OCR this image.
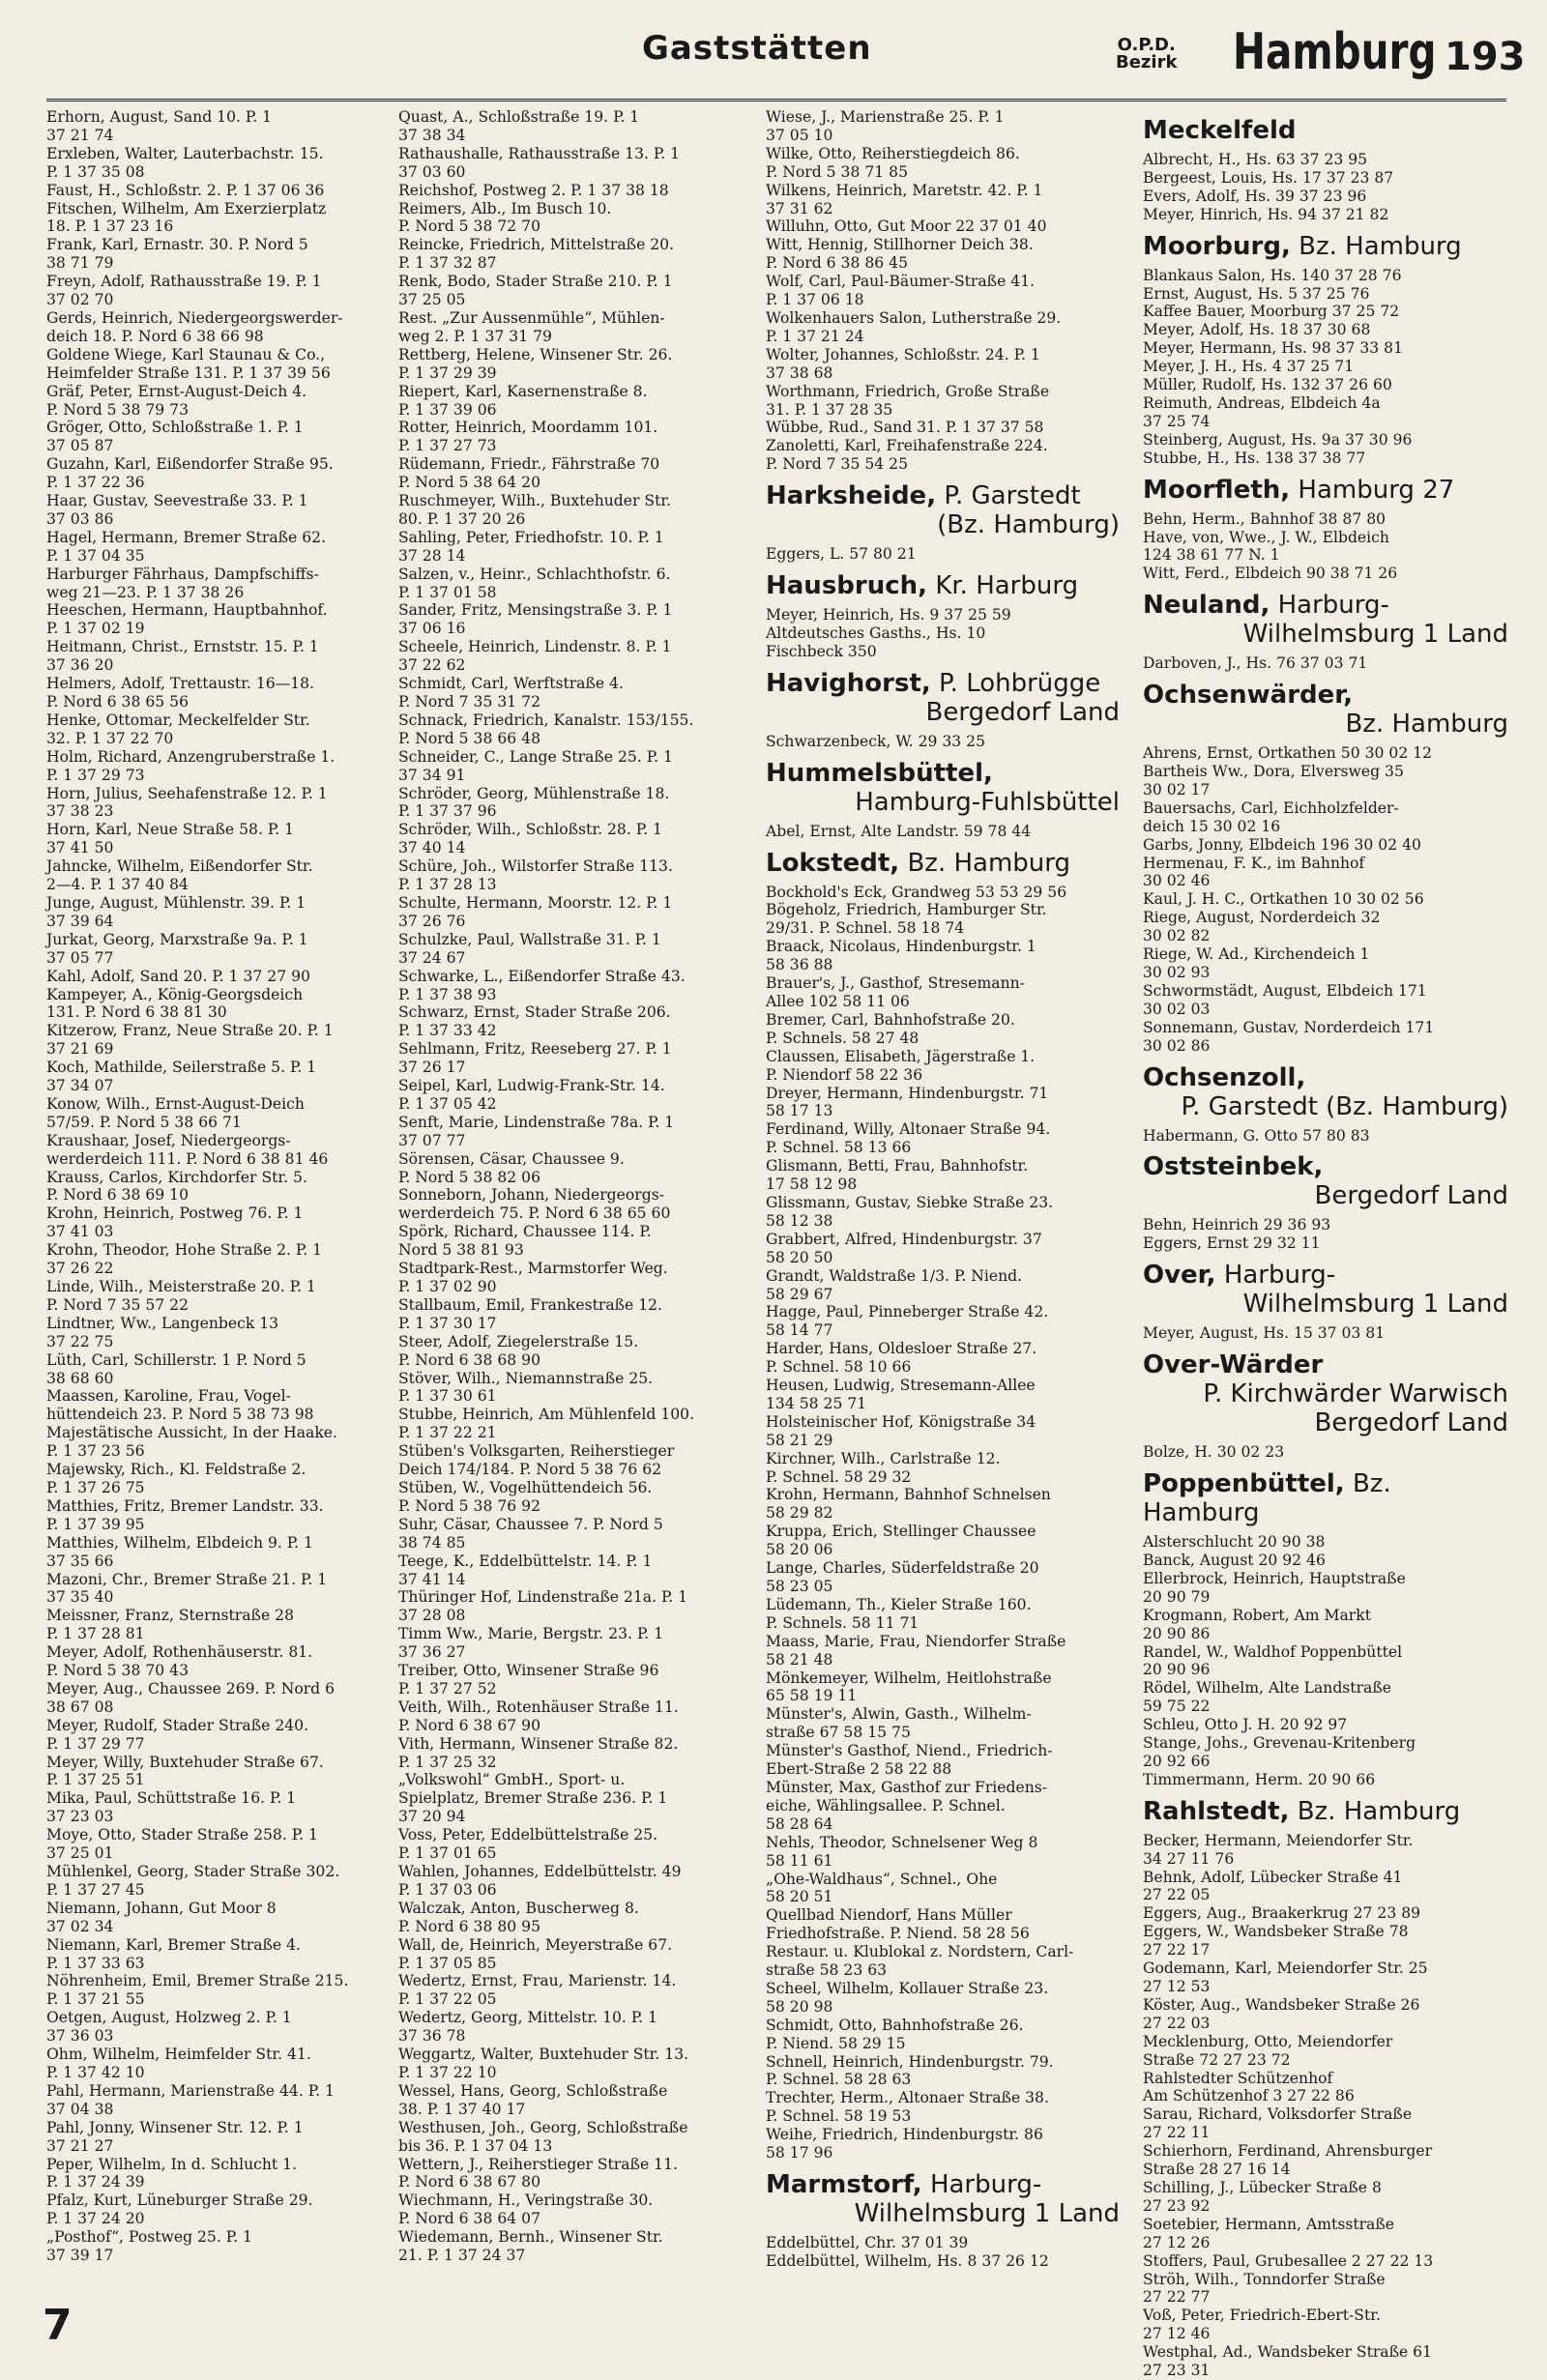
Gaststätten	O.P.D.
Bezirk Hamburg 193
Erhorn, August, Sand 10. P. 1
37 21 74
Erxleben, Walter, Lauterbachstr. 15.
P. 1 37 35 08
Faust, H., Schloßstr. 2. P. 1 37 06 36
Fitschen, Wilhelm, Am Exerzierplatz
18. P. 1 37 23 16
Frank, Karl, Ernastr. 30. P. Nord 5
38 71 79
Freyn, Adolf, Rathausstraße 19. P. 1
37 02 70
Gerds, Heinrich, Niedergeorgswerder-
deich 18. P. Nord 6 38 66 98
Goldene Wiege, Karl Staunau & Co.,
Heimfelder Straße 131. P. 1 37 39 56
Gräf, Peter, Ernst-August-Deich 4.
P. Nord 5 38 79 73
Gröger, Otto, Schloßstraße 1. P. 1
37 05 87
Guzahn, Karl, Eißendorfer Straße 95.
P. 1 37 22 36
Haar, Gustav, Seevestraße 33. P. 1
37 03 86
Hagel, Hermann, Bremer Straße 62.
P. 1 37 04 35
Harburger Fährhaus, Dampfschiffs-
weg 21—23. P. 1 37 38 26
Heeschen, Hermann, Hauptbahnhof.
P. 1 37 02 19
Heitmann, Christ., Ernststr. 15. P. 1
37 36 20
Helmers, Adolf, Trettaustr. 16—18.
P. Nord 6 38 65 56
Henke, Ottomar, Meckelfelder Str.
32. P. 1 37 22 70
Holm, Richard, Anzengruberstraße 1.
P. 1 37 29 73
Horn, Julius, Seehafenstraße 12. P. 1
37 38 23
Horn, Karl, Neue Straße 58. P. 1
37 41 50
Jahncke, Wilhelm, Eißendorfer Str.
2—4. P. 1 37 40 84
Junge, August, Mühlenstr. 39. P. 1
37 39 64
Jurkat, Georg, Marxstraße 9a. P. 1
37 05 77
Kahl, Adolf, Sand 20. P. 1 37 27 90
Kampeyer, A., König-Georgsdeich
131. P. Nord 6 38 81 30
Kitzerow, Franz, Neue Straße 20. P. 1
37 21 69
Koch, Mathilde, Seilerstraße 5. P. 1
37 34 07
Konow, Wilh., Ernst-August-Deich
57/59. P. Nord 5 38 66 71
Kraushaar, Josef, Niedergeorgs-
werderdeich 111. P. Nord 6 38 81 46
Krauss, Carlos, Kirchdorfer Str. 5.
P. Nord 6 38 69 10
Krohn, Heinrich, Postweg 76. P. 1
37 41 03
Krohn, Theodor, Hohe Straße 2. P. 1
37 26 22
Linde, Wilh., Meisterstraße 20. P. 1
P. Nord 7 35 57 22
Lindtner, Ww., Langenbeck 13
37 22 75
Lüth, Carl, Schillerstr. 1 P. Nord 5
38 68 60
Maassen, Karoline, Frau, Vogel-
hüttendeich 23. P. Nord 5 38 73 98
Majestätische Aussicht, In der Haake.
P. 1 37 23 56
Majewsky, Rich., Kl. Feldstraße 2.
P. 1 37 26 75
Matthies, Fritz, Bremer Landstr. 33.
P. 1 37 39 95
Matthies, Wilhelm, Elbdeich 9. P. 1
37 35 66
Mazoni, Chr., Bremer Straße 21. P. 1
37 35 40
Meissner, Franz, Sternstraße 28
P. 1 37 28 81
Meyer, Adolf, Rothenhäuserstr. 81.
P. Nord 5 38 70 43
Meyer, Aug., Chaussee 269. P. Nord 6
38 67 08
Meyer, Rudolf, Stader Straße 240.
P. 1 37 29 77
Meyer, Willy, Buxtehuder Straße 67.
P. 1 37 25 51
Mika, Paul, Schüttstraße 16. P. 1
37 23 03
Moye, Otto, Stader Straße 258. P. 1
37 25 01
Mühlenkel, Georg, Stader Straße 302.
P. 1 37 27 45
Niemann, Johann, Gut Moor 8
37 02 34
Niemann, Karl, Bremer Straße 4.
P. 1 37 33 63
Nöhrenheim, Emil, Bremer Straße 215.
P. 1 37 21 55
Oetgen, August, Holzweg 2. P. 1
37 36 03
Ohm, Wilhelm, Heimfelder Str. 41.
P. 1 37 42 10
Pahl, Hermann, Marienstraße 44. P. 1
37 04 38
Pahl, Jonny, Winsener Str. 12. P. 1
37 21 27
Peper, Wilhelm, In d. Schlucht 1.
P. 1 37 24 39
Pfalz, Kurt, Lüneburger Straße 29.
P. 1 37 24 20
„Posthof“, Postweg 25. P. 1
37 39 17
Quast, A., Schloßstraße 19. P. 1
37 38 34
Rathaushalle, Rathausstraße 13. P. 1
37 03 60
Reichshof, Postweg 2. P. 1 37 38 18
Reimers, Alb., Im Busch 10.
P. Nord 5 38 72 70
Reincke, Friedrich, Mittelstraße 20.
P. 1 37 32 87
Renk, Bodo, Stader Straße 210. P. 1
37 25 05
Rest. „Zur Aussenmühle“, Mühlen-
weg 2. P. 1 37 31 79
Rettberg, Helene, Winsener Str. 26.
P. 1 37 29 39
Riepert, Karl, Kasernenstraße 8.
P. 1 37 39 06
Rotter, Heinrich, Moordamm 101.
P. 1 37 27 73
Rüdemann, Friedr., Fährstraße 70
P. Nord 5 38 64 20
Ruschmeyer, Wilh., Buxtehuder Str.
80. P. 1 37 20 26
Sahling, Peter, Friedhofstr. 10. P. 1
37 28 14
Salzen, v., Heinr., Schlachthofstr. 6.
P. 1 37 01 58
Sander, Fritz, Mensingstraße 3. P. 1
37 06 16
Scheele, Heinrich, Lindenstr. 8. P. 1
37 22 62
Schmidt, Carl, Werftstraße 4.
P. Nord 7 35 31 72
Schnack, Friedrich, Kanalstr. 153/155.
P. Nord 5 38 66 48
Schneider, C., Lange Straße 25. P. 1
37 34 91
Schröder, Georg, Mühlenstraße 18.
P. 1 37 37 96
Schröder, Wilh., Schloßstr. 28. P. 1
37 40 14
Schüre, Joh., Wilstorfer Straße 113.
P. 1 37 28 13
Schulte, Hermann, Moorstr. 12. P. 1
37 26 76
Schulzke, Paul, Wallstraße 31. P. 1
37 24 67
Schwarke, L., Eißendorfer Straße 43.
P. 1 37 38 93
Schwarz, Ernst, Stader Straße 206.
P. 1 37 33 42
Sehlmann, Fritz, Reeseberg 27. P. 1
37 26 17
Seipel, Karl, Ludwig-Frank-Str. 14.
P. 1 37 05 42
Senft, Marie, Lindenstraße 78a. P. 1
37 07 77
Sörensen, Cäsar, Chaussee 9.
P. Nord 5 38 82 06
Sonneborn, Johann, Niedergeorgs-
werderdeich 75. P. Nord 6 38 65 60
Spörk, Richard, Chaussee 114. P.
Nord 5 38 81 93
Stadtpark-Rest., Marmstorfer Weg.
P. 1 37 02 90
Stallbaum, Emil, Frankestraße 12.
P. 1 37 30 17
Steer, Adolf, Ziegelerstraße 15.
P. Nord 6 38 68 90
Stöver, Wilh., Niemannstraße 25.
P. 1 37 30 61
Stubbe, Heinrich, Am Mühlenfeld 100.
P. 1 37 22 21
Stüben's Volksgarten, Reiherstieger
Deich 174/184. P. Nord 5 38 76 62
Stüben, W., Vogelhüttendeich 56.
P. Nord 5 38 76 92
Suhr, Cäsar, Chaussee 7. P. Nord 5
38 74 85
Teege, K., Eddelbüttelstr. 14. P. 1
37 41 14
Thüringer Hof, Lindenstraße 21a. P. 1
37 28 08
Timm Ww., Marie, Bergstr. 23. P. 1
37 36 27
Treiber, Otto, Winsener Straße 96
P. 1 37 27 52
Veith, Wilh., Rotenhäuser Straße 11.
P. Nord 6 38 67 90
Vith, Hermann, Winsener Straße 82.
P. 1 37 25 32
„Volkswohl“ GmbH., Sport- u.
Spielplatz, Bremer Straße 236. P. 1
37 20 94
Voss, Peter, Eddelbüttelstraße 25.
P. 1 37 01 65
Wahlen, Johannes, Eddelbüttelstr. 49
P. 1 37 03 06
Walczak, Anton, Buscherweg 8.
P. Nord 6 38 80 95
Wall, de, Heinrich, Meyerstraße 67.
P. 1 37 05 85
Wedertz, Ernst, Frau, Marienstr. 14.
P. 1 37 22 05
Wedertz, Georg, Mittelstr. 10. P. 1
37 36 78
Weggartz, Walter, Buxtehuder Str. 13.
P. 1 37 22 10
Wessel, Hans, Georg, Schloßstraße
38. P. 1 37 40 17
Westhusen, Joh., Georg, Schloßstraße
bis 36. P. 1 37 04 13
Wettern, J., Reiherstieger Straße 11.
P. Nord 6 38 67 80
Wiechmann, H., Veringstraße 30.
P. Nord 6 38 64 07
Wiedemann, Bernh., Winsener Str.
21. P. 1 37 24 37
Wiese, J., Marienstraße 25. P. 1
37 05 10
Wilke, Otto, Reiherstiegdeich 86.
P. Nord 5 38 71 85
Wilkens, Heinrich, Maretstr. 42. P. 1
37 31 62
Willuhn, Otto, Gut Moor 22 37 01 40
Witt, Hennig, Stillhorner Deich 38.
P. Nord 6 38 86 45
Wolf, Carl, Paul-Bäumer-Straße 41.
P. 1 37 06 18
Wolkenhauers Salon, Lutherstraße 29.
P. 1 37 21 24
Wolter, Johannes, Schloßstr. 24. P. 1
37 38 68
Worthmann, Friedrich, Große Straße
31. P. 1 37 28 35
Wübbe, Rud., Sand 31. P. 1 37 37 58
Zanoletti, Karl, Freihafenstraße 224.
P. Nord 7 35 54 25
Harksheide, P. Garstedt
(Bz. Hamburg)
Eggers, L. 57 80 21
Hausbruch, Kr. Harburg
Meyer, Heinrich, Hs. 9 37 25 59
Altdeutsches Gasths., Hs. 10
Fischbeck 350
Havighorst, P. Lohbrügge
Bergedorf Land
Schwarzenbeck, W. 29 33 25
Hummelsbüttel,
Hamburg-Fuhlsbüttel
Abel, Ernst, Alte Landstr. 59 78 44
Lokstedt, Bz. Hamburg
Bockhold's Eck, Grandweg 53 53 29 56
Bögeholz, Friedrich, Hamburger Str.
29/31. P. Schnel. 58 18 74
Braack, Nicolaus, Hindenburgstr. 1
58 36 88
Brauer's, J., Gasthof, Stresemann-
Allee 102 58 11 06
Bremer, Carl, Bahnhofstraße 20.
P. Schnels. 58 27 48
Claussen, Elisabeth, Jägerstraße 1.
P. Niendorf 58 22 36
Dreyer, Hermann, Hindenburgstr. 71
58 17 13
Ferdinand, Willy, Altonaer Straße 94.
P. Schnel. 58 13 66
Glismann, Betti, Frau, Bahnhofstr.
17 58 12 98
Glissmann, Gustav, Siebke Straße 23.
58 12 38
Grabbert, Alfred, Hindenburgstr. 37
58 20 50
Grandt, Waldstraße 1/3. P. Niend.
58 29 67
Hagge, Paul, Pinneberger Straße 42.
58 14 77
Harder, Hans, Oldesloer Straße 27.
P. Schnel. 58 10 66
Heusen, Ludwig, Stresemann-Allee
134 58 25 71
Holsteinischer Hof, Königstraße 34
58 21 29
Kirchner, Wilh., Carlstraße 12.
P. Schnel. 58 29 32
Krohn, Hermann, Bahnhof Schnelsen
58 29 82
Kruppa, Erich, Stellinger Chaussee
58 20 06
Lange, Charles, Süderfeldstraße 20
58 23 05
Lüdemann, Th., Kieler Straße 160.
P. Schnels. 58 11 71
Maass, Marie, Frau, Niendorfer Straße
58 21 48
Mönkemeyer, Wilhelm, Heitlohstraße
65 58 19 11
Münster's, Alwin, Gasth., Wilhelm-
straße 67 58 15 75
Münster's Gasthof, Niend., Friedrich-
Ebert-Straße 2 58 22 88
Münster, Max, Gasthof zur Friedens-
eiche, Wählingsallee. P. Schnel.
58 28 64
Nehls, Theodor, Schnelsener Weg 8
58 11 61
„Ohe-Waldhaus“, Schnel., Ohe
58 20 51
Quellbad Niendorf, Hans Müller
Friedhofstraße. P. Niend. 58 28 56
Restaur. u. Klublokal z. Nordstern, Carl-
straße 58 23 63
Scheel, Wilhelm, Kollauer Straße 23.
58 20 98
Schmidt, Otto, Bahnhofstraße 26.
P. Niend. 58 29 15
Schnell, Heinrich, Hindenburgstr. 79.
P. Schnel. 58 28 63
Trechter, Herm., Altonaer Straße 38.
P. Schnel. 58 19 53
Weihe, Friedrich, Hindenburgstr. 86
58 17 96
Marmstorf, Harburg-
Wilhelmsburg 1 Land
Eddelbüttel, Chr. 37 01 39
Eddelbüttel, Wilhelm, Hs. 8 37 26 12
Meckelfeld
Albrecht, H., Hs. 63 37 23 95
Bergeest, Louis, Hs. 17 37 23 87
Evers, Adolf, Hs. 39 37 23 96
Meyer, Hinrich, Hs. 94 37 21 82
Moorburg, Bz. Hamburg
Blankaus Salon, Hs. 140 37 28 76
Ernst, August, Hs. 5 37 25 76
Kaffee Bauer, Moorburg 37 25 72
Meyer, Adolf, Hs. 18 37 30 68
Meyer, Hermann, Hs. 98 37 33 81
Meyer, J. H., Hs. 4 37 25 71
Müller, Rudolf, Hs. 132 37 26 60
Reimuth, Andreas, Elbdeich 4a
37 25 74
Steinberg, August, Hs. 9a 37 30 96
Stubbe, H., Hs. 138 37 38 77
Moorfleth, Hamburg 27
Behn, Herm., Bahnhof 38 87 80
Have, von, Wwe., J. W., Elbdeich
124 38 61 77 N. 1
Witt, Ferd., Elbdeich 90 38 71 26
Neuland, Harburg-
Wilhelmsburg 1 Land
Darboven, J., Hs. 76 37 03 71
Ochsenwärder,
Bz. Hamburg
Ahrens, Ernst, Ortkathen 50 30 02 12
Bartheis Ww., Dora, Elversweg 35
30 02 17
Bauersachs, Carl, Eichholzfelder-
deich 15 30 02 16
Garbs, Jonny, Elbdeich 196 30 02 40
Hermenau, F. K., im Bahnhof
30 02 46
Kaul, J. H. C., Ortkathen 10 30 02 56
Riege, August, Norderdeich 32
30 02 82
Riege, W. Ad., Kirchendeich 1
30 02 93
Schwormstädt, August, Elbdeich 171
30 02 03
Sonnemann, Gustav, Norderdeich 171
30 02 86
Ochsenzoll,
P. Garstedt (Bz. Hamburg)
Habermann, G. Otto 57 80 83
Oststeinbek,
Bergedorf Land
Behn, Heinrich 29 36 93
Eggers, Ernst 29 32 11
Over, Harburg-
Wilhelmsburg 1 Land
Meyer, August, Hs. 15 37 03 81
Over-Wärder
P. Kirchwärder Warwisch Bergedorf Land
Bolze, H. 30 02 23
Poppenbüttel, Bz. Hamburg
Alsterschlucht 20 90 38
Banck, August 20 92 46
Ellerbrock, Heinrich, Hauptstraße
20 90 79
Krogmann, Robert, Am Markt
20 90 86
Randel, W., Waldhof Poppenbüttel
20 90 96
Rödel, Wilhelm, Alte Landstraße
59 75 22
Schleu, Otto J. H. 20 92 97
Stange, Johs., Grevenau-Kritenberg
20 92 66
Timmermann, Herm. 20 90 66
Rahlstedt, Bz. Hamburg
Becker, Hermann, Meiendorfer Str.
34 27 11 76
Behnk, Adolf, Lübecker Straße 41
27 22 05
Eggers, Aug., Braakerkrug 27 23 89
Eggers, W., Wandsbeker Straße 78
27 22 17
Godemann, Karl, Meiendorfer Str. 25
27 12 53
Köster, Aug., Wandsbeker Straße 26
27 22 03
Mecklenburg, Otto, Meiendorfer
Straße 72 27 23 72
Rahlstedter Schützenhof
Am Schützenhof 3 27 22 86
Sarau, Richard, Volksdorfer Straße
27 22 11
Schierhorn, Ferdinand, Ahrensburger
Straße 28 27 16 14
Schilling, J., Lübecker Straße 8
27 23 92
Soetebier, Hermann, Amtsstraße
27 12 26
Stoffers, Paul, Grubesallee 2 27 22 13
Ströh, Wilh., Tonndorfer Straße
27 22 77
Voß, Peter, Friedrich-Ebert-Str.
27 12 46
Westphal, Ad., Wandsbeker Straße 61
27 23 31
7
